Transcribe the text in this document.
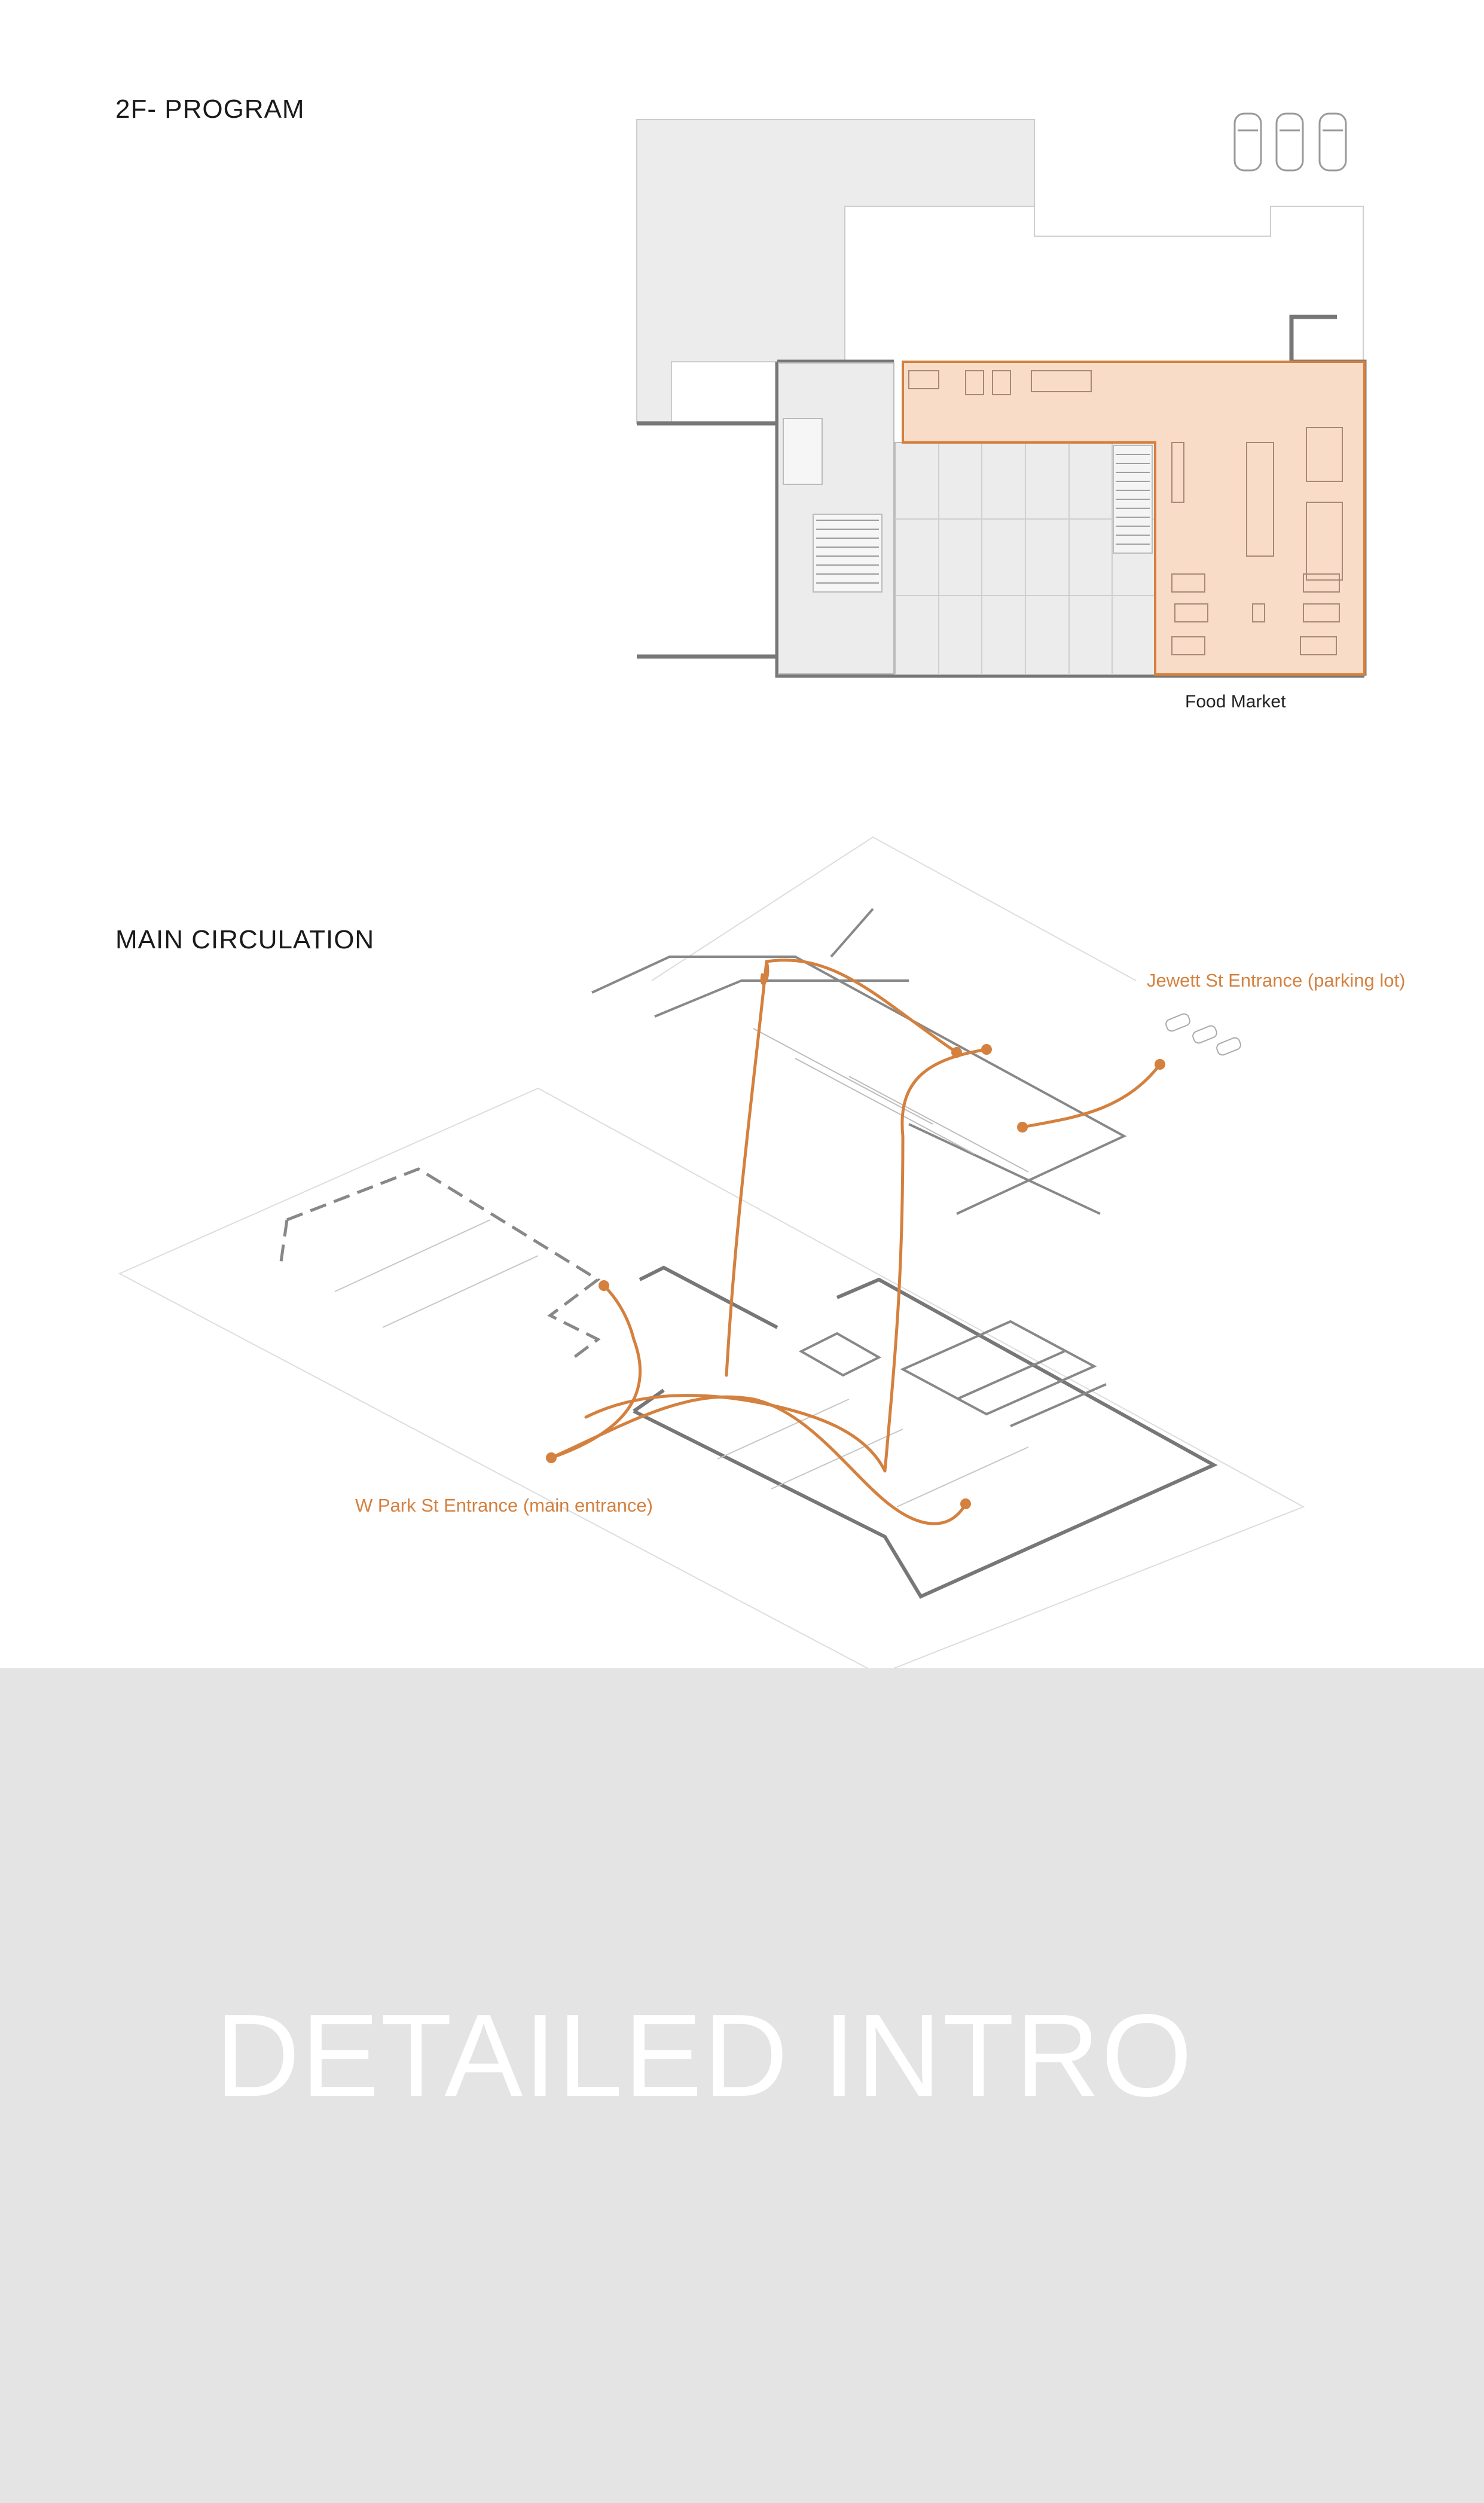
2F- PROGRAM
Food Market
MAIN CIRCULATION
Jewett St Entrance (parking lot)
W Park St Entrance (main entrance)
DETAILED INTRO
